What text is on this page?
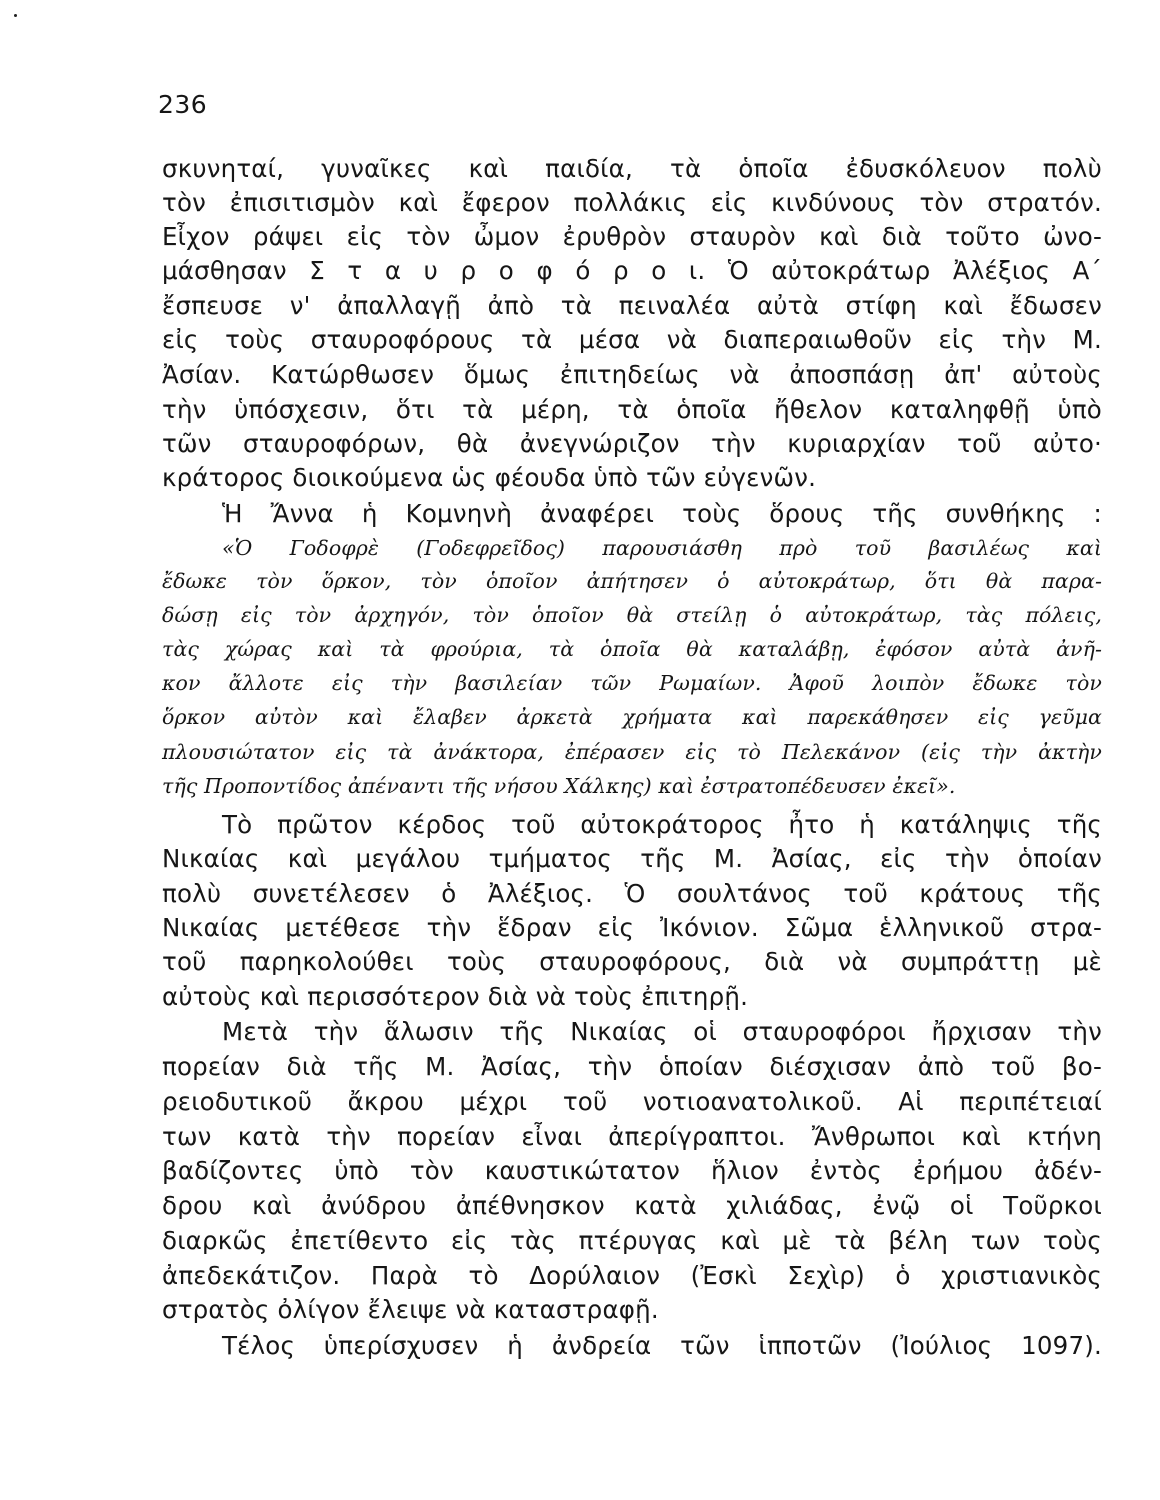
236
σκυνηταί, γυναῖκες καὶ παιδία, τὰ ὁποῖα ἐδυσκόλευον πολὺ
τὸν ἐπισιτισμὸν καὶ ἔφερον πολλάκις εἰς κινδύνους τὸν στρατόν.
Εἶχον ράψει εἰς τὸν ὦμον ἐρυθρὸν σταυρὸν καὶ διὰ τοῦτο ὠνο-
μάσθησαν Σ τ α υ ρ ο φ ό ρ ο ι. Ὁ αὐτοκράτωρ Ἀλέξιος Α΄
ἔσπευσε ν' ἀπαλλαγῇ ἀπὸ τὰ πειναλέα αὐτὰ στίφη καὶ ἔδωσεν
εἰς τοὺς σταυροφόρους τὰ μέσα νὰ διαπεραιωθοῦν εἰς τὴν Μ.
Ἀσίαν. Κατώρθωσεν ὅμως ἐπιτηδείως νὰ ἀποσπάσῃ ἀπ' αὐτοὺς
τὴν ὑπόσχεσιν, ὅτι τὰ μέρη, τὰ ὁποῖα ἤθελον καταληφθῇ ὑπὸ
τῶν σταυροφόρων, θὰ ἀνεγνώριζον τὴν κυριαρχίαν τοῦ αὐτο·
κράτορος διοικούμενα ὡς φέουδα ὑπὸ τῶν εὐγενῶν.
Ἡ Ἄννα ἡ Κομνηνὴ ἀναφέρει τοὺς ὅρους τῆς συνθήκης :
«Ὁ Γοδοφρὲ (Γοδεφρεῖδος) παρουσιάσθη πρὸ τοῦ βασιλέως καὶ
ἔδωκε τὸν ὅρκον, τὸν ὁποῖον ἀπήτησεν ὁ αὐτοκράτωρ, ὅτι θὰ παρα-
δώσῃ εἰς τὸν ἀρχηγόν, τὸν ὁποῖον θὰ στείλῃ ὁ αὐτοκράτωρ, τὰς πόλεις,
τὰς χώρας καὶ τὰ φρούρια, τὰ ὁποῖα θὰ καταλάβῃ, ἐφόσον αὐτὰ ἀνῆ-
κον ἄλλοτε εἰς τὴν βασιλείαν τῶν Ρωμαίων. Ἀφοῦ λοιπὸν ἔδωκε τὸν
ὅρκον αὐτὸν καὶ ἔλαβεν ἀρκετὰ χρήματα καὶ παρεκάθησεν εἰς γεῦμα
πλουσιώτατον εἰς τὰ ἀνάκτορα, ἐπέρασεν εἰς τὸ Πελεκάνον (εἰς τὴν ἀκτὴν
τῆς Προποντίδος ἀπέναντι τῆς νήσου Χάλκης) καὶ ἐστρατοπέδευσεν ἐκεῖ».
Τὸ πρῶτον κέρδος τοῦ αὐτοκράτορος ἦτο ἡ κατάληψις τῆς
Νικαίας καὶ μεγάλου τμήματος τῆς Μ. Ἀσίας, εἰς τὴν ὁποίαν
πολὺ συνετέλεσεν ὁ Ἀλέξιος. Ὁ σουλτάνος τοῦ κράτους τῆς
Νικαίας μετέθεσε τὴν ἕδραν εἰς Ἰκόνιον. Σῶμα ἑλληνικοῦ στρα-
τοῦ παρηκολούθει τοὺς σταυροφόρους, διὰ νὰ συμπράττῃ μὲ
αὐτοὺς καὶ περισσότερον διὰ νὰ τοὺς ἐπιτηρῇ.
Μετὰ τὴν ἅλωσιν τῆς Νικαίας οἱ σταυροφόροι ἤρχισαν τὴν
πορείαν διὰ τῆς Μ. Ἀσίας, τὴν ὁποίαν διέσχισαν ἀπὸ τοῦ βο-
ρειοδυτικοῦ ἄκρου μέχρι τοῦ νοτιοανατολικοῦ. Αἱ περιπέτειαί
των κατὰ τὴν πορείαν εἶναι ἀπερίγραπτοι. Ἄνθρωποι καὶ κτήνη
βαδίζοντες ὑπὸ τὸν καυστικώτατον ἥλιον ἐντὸς ἐρήμου ἀδέν-
δρου καὶ ἀνύδρου ἀπέθνησκον κατὰ χιλιάδας, ἐνῷ οἱ Τοῦρκοι
διαρκῶς ἐπετίθεντο εἰς τὰς πτέρυγας καὶ μὲ τὰ βέλη των τοὺς
ἀπεδεκάτιζον. Παρὰ τὸ Δορύλαιον (Ἐσκὶ Σεχὶρ) ὁ χριστιανικὸς
στρατὸς ὀλίγον ἔλειψε νὰ καταστραφῇ.
Τέλος ὑπερίσχυσεν ἡ ἀνδρεία τῶν ἱπποτῶν (Ἰούλιος 1097).
